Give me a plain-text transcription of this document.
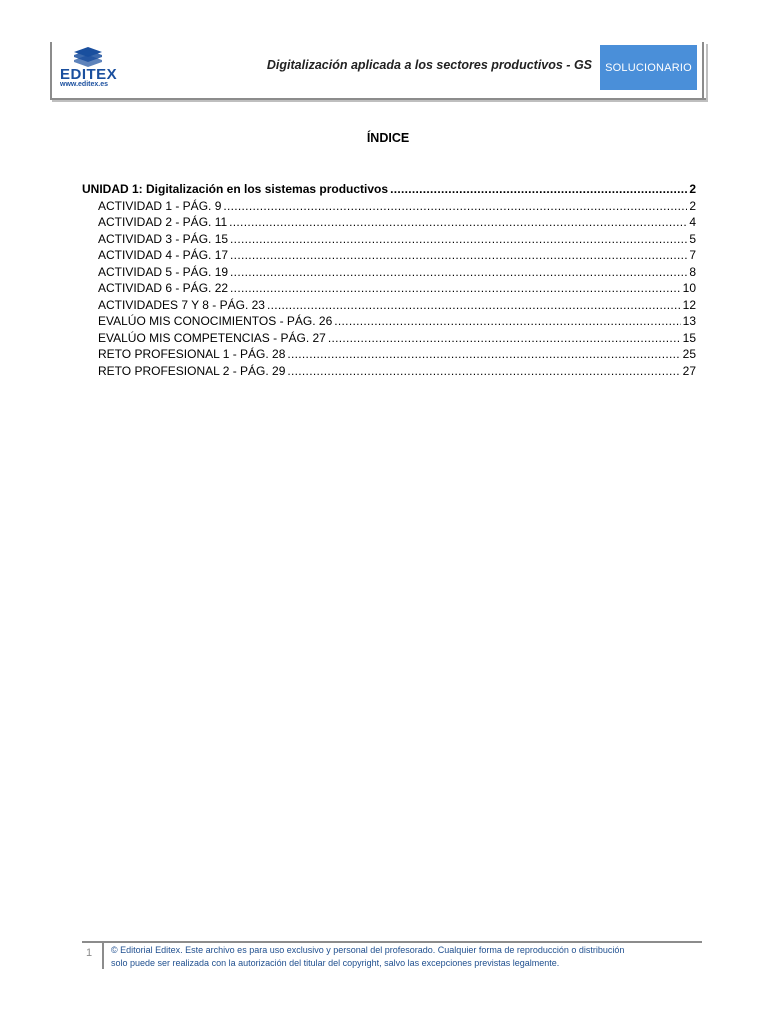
EDITEX
www.editex.es
Digitalización aplicada a los sectores productivos - GS	SOLUCIONARIO
ÍNDICE
UNIDAD 1: Digitalización en los sistemas productivos .....	2
ACTIVIDAD 1 - PÁG. 9 .....	2
ACTIVIDAD 2 - PÁG. 11 .....	4
ACTIVIDAD 3 - PÁG. 15 .....	5
ACTIVIDAD 4 - PÁG. 17 .....	7
ACTIVIDAD 5 - PÁG. 19 .....	8
ACTIVIDAD 6 - PÁG. 22 .....	10
ACTIVIDADES 7 Y 8 - PÁG. 23 .....	12
EVALÚO MIS CONOCIMIENTOS - PÁG. 26 .....	13
EVALÚO MIS COMPETENCIAS - PÁG. 27 .....	15
RETO PROFESIONAL 1 - PÁG. 28 .....	25
RETO PROFESIONAL 2 - PÁG. 29 .....	27
1	© Editorial Editex. Este archivo es para uso exclusivo y personal del profesorado. Cualquier forma de reproducción o distribución
solo puede ser realizada con la autorización del titular del copyright, salvo las excepciones previstas legalmente.
